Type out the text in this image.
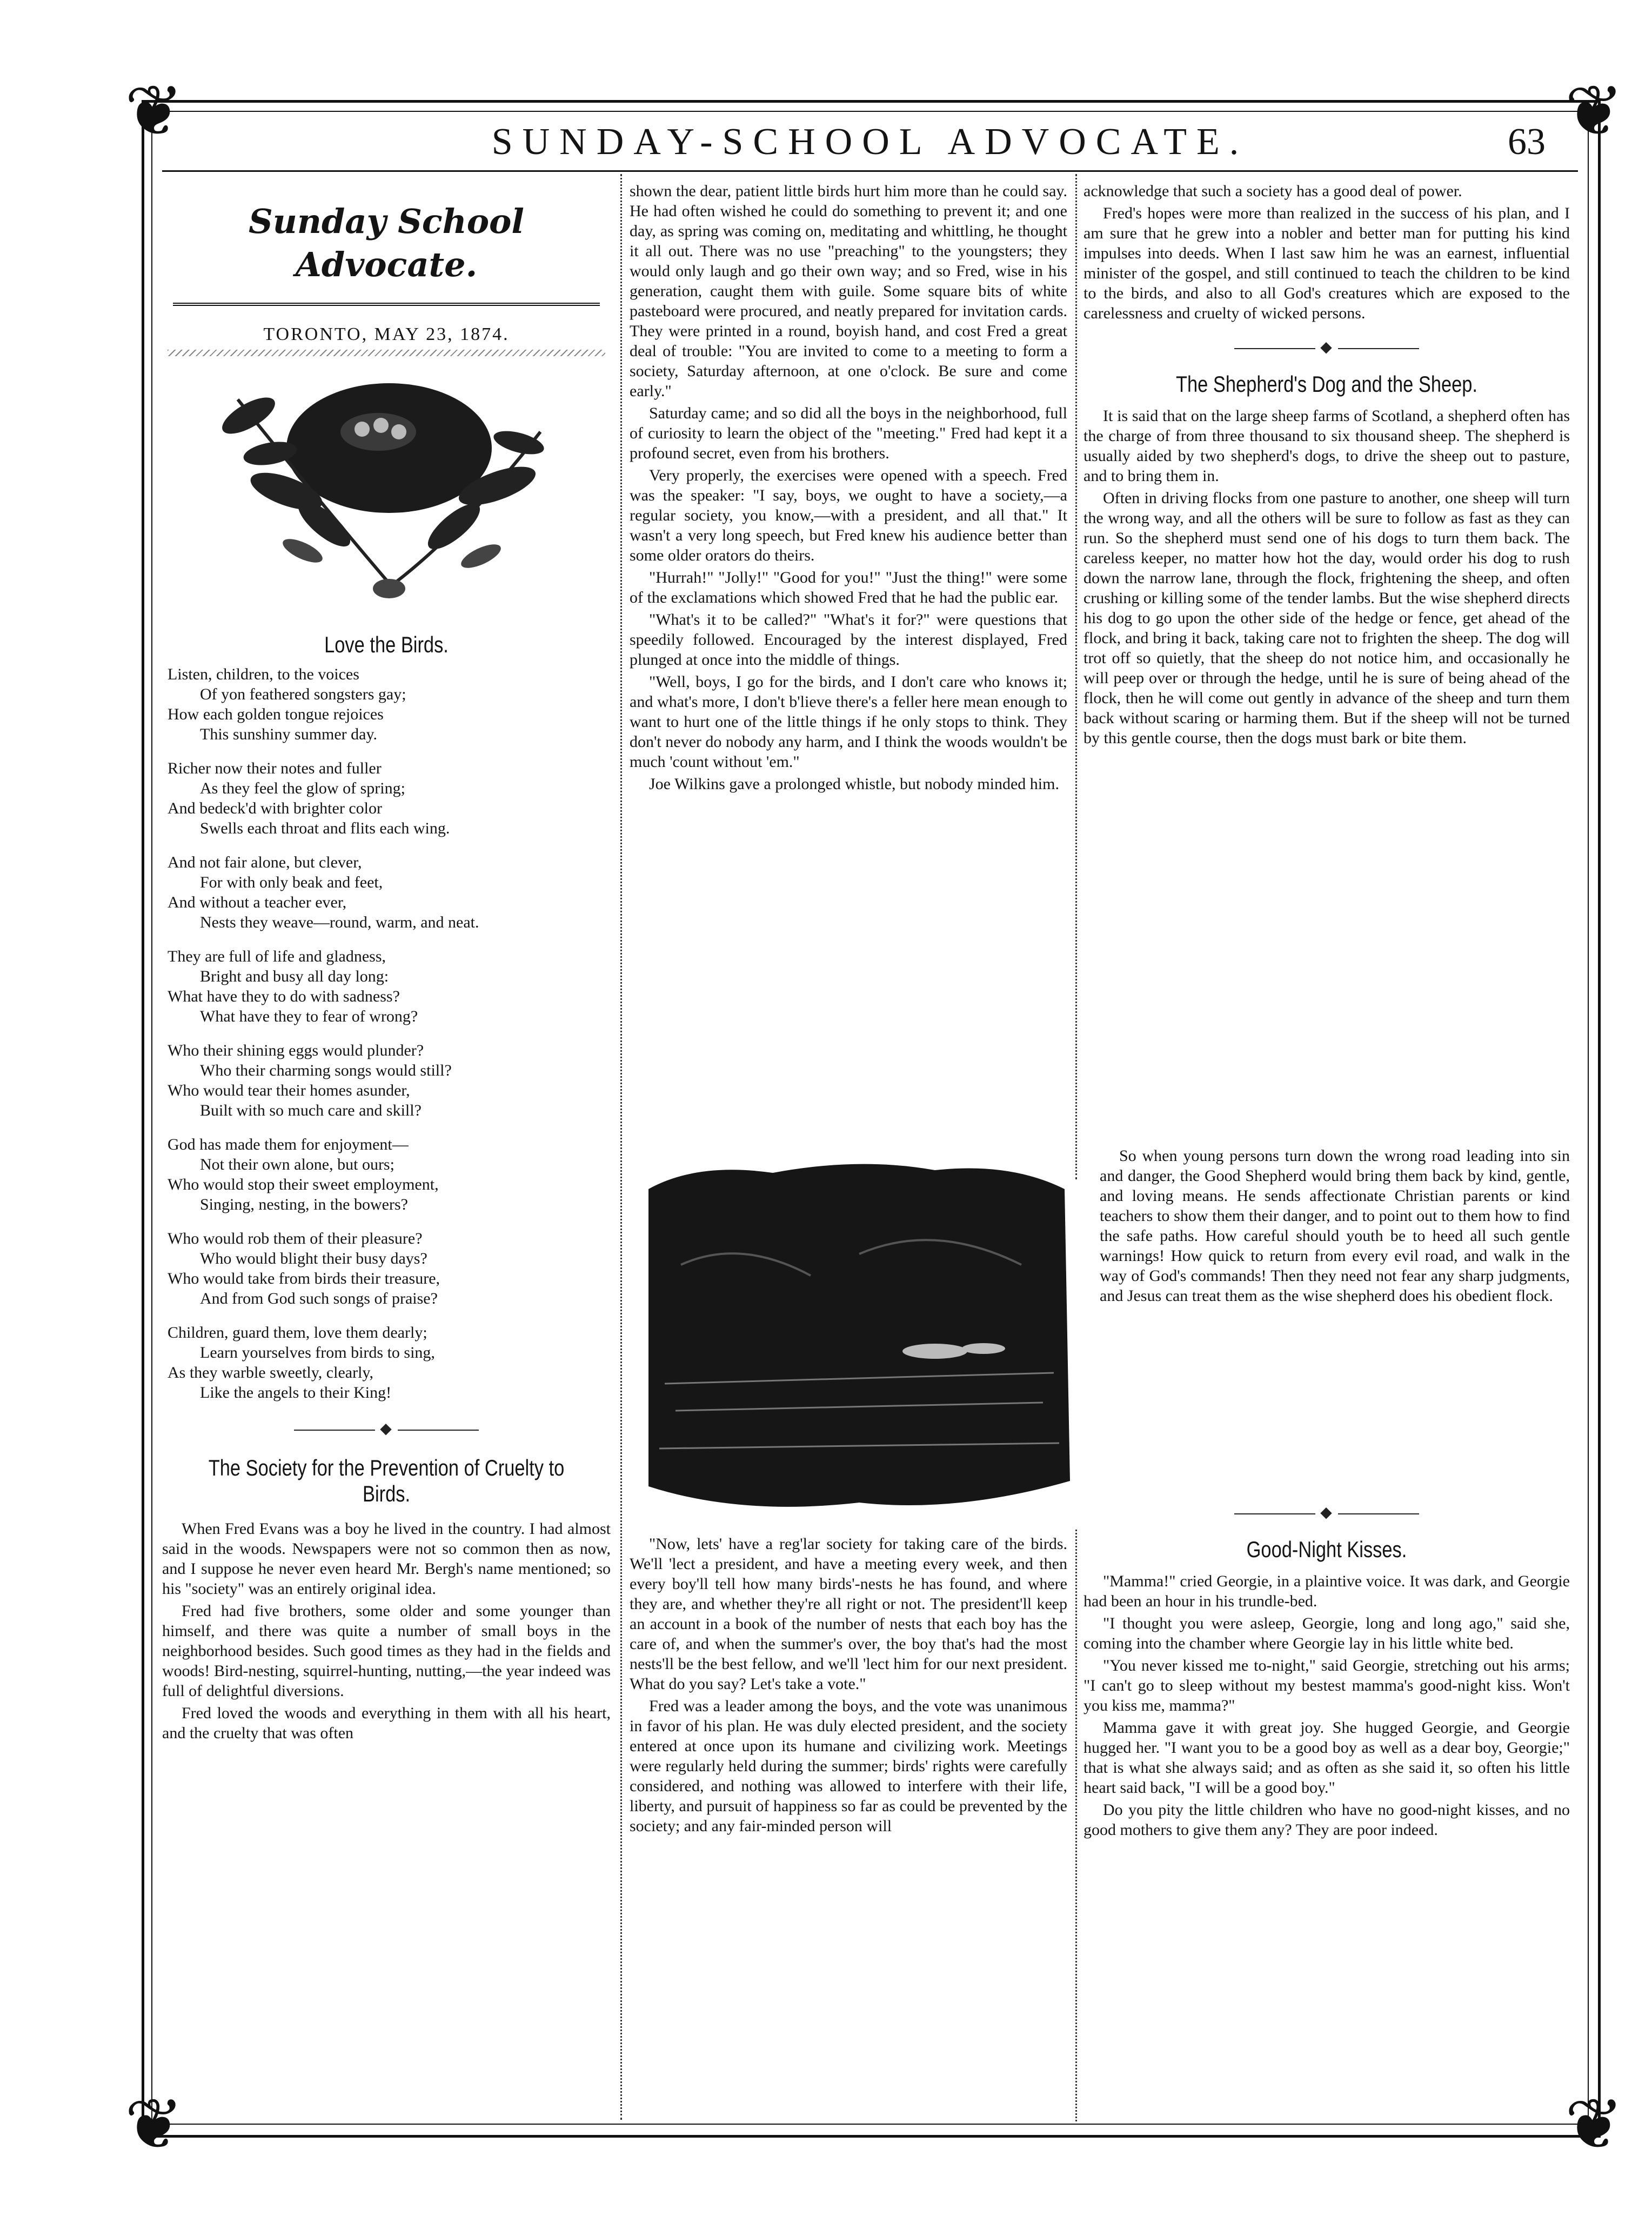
❦	❦
❦	❦
SUNDAY-SCHOOL ADVOCATE.	63
Sunday School Advocate.
TORONTO, MAY 23, 1874.
Love the Birds.
Listen, children, to the voices
Of yon feathered songsters gay;
How each golden tongue rejoices
This sunshiny summer day.
Richer now their notes and fuller
As they feel the glow of spring;
And bedeck'd with brighter color
Swells each throat and flits each wing.
And not fair alone, but clever,
For with only beak and feet,
And without a teacher ever,
Nests they weave—round, warm, and neat.
They are full of life and gladness,
Bright and busy all day long:
What have they to do with sadness?
What have they to fear of wrong?
Who their shining eggs would plunder?
Who their charming songs would still?
Who would tear their homes asunder,
Built with so much care and skill?
God has made them for enjoyment—
Not their own alone, but ours;
Who would stop their sweet employment,
Singing, nesting, in the bowers?
Who would rob them of their pleasure?
Who would blight their busy days?
Who would take from birds their treasure,
And from God such songs of praise?
Children, guard them, love them dearly;
Learn yourselves from birds to sing,
As they warble sweetly, clearly,
Like the angels to their King!
◆
The Society for the Prevention of Cruelty to Birds.

When Fred Evans was a boy he lived in the country. I had almost said in the woods. Newspapers were not so common then as now, and I suppose he never even heard Mr. Bergh's name mentioned; so his "society" was an entirely original idea.

Fred had five brothers, some older and some younger than himself, and there was quite a number of small boys in the neighborhood besides. Such good times as they had in the fields and woods! Bird-nesting, squirrel-hunting, nutting,—the year indeed was full of delightful diversions.

Fred loved the woods and everything in them with all his heart, and the cruelty that was often

shown the dear, patient little birds hurt him more than he could say. He had often wished he could do something to prevent it; and one day, as spring was coming on, meditating and whittling, he thought it all out. There was no use "preaching" to the youngsters; they would only laugh and go their own way; and so Fred, wise in his generation, caught them with guile. Some square bits of white pasteboard were procured, and neatly prepared for invitation cards. They were printed in a round, boyish hand, and cost Fred a great deal of trouble: "You are invited to come to a meeting to form a society, Saturday afternoon, at one o'clock. Be sure and come early."

Saturday came; and so did all the boys in the neighborhood, full of curiosity to learn the object of the "meeting." Fred had kept it a profound secret, even from his brothers.

Very properly, the exercises were opened with a speech. Fred was the speaker: "I say, boys, we ought to have a society,—a regular society, you know,—with a president, and all that." It wasn't a very long speech, but Fred knew his audience better than some older orators do theirs.

"Hurrah!" "Jolly!" "Good for you!" "Just the thing!" were some of the exclamations which showed Fred that he had the public ear.

"What's it to be called?" "What's it for?" were questions that speedily followed. Encouraged by the interest displayed, Fred plunged at once into the middle of things.

"Well, boys, I go for the birds, and I don't care who knows it; and what's more, I don't b'lieve there's a feller here mean enough to want to hurt one of the little things if he only stops to think. They don't never do nobody any harm, and I think the woods wouldn't be much 'count without 'em."

Joe Wilkins gave a prolonged whistle, but nobody minded him.

"Now, lets' have a reg'lar society for taking care of the birds. We'll 'lect a president, and have a meeting every week, and then every boy'll tell how many birds'-nests he has found, and where they are, and whether they're all right or not. The president'll keep an account in a book of the number of nests that each boy has the care of, and when the summer's over, the boy that's had the most nests'll be the best fellow, and we'll 'lect him for our next president. What do you say? Let's take a vote."

Fred was a leader among the boys, and the vote was unanimous in favor of his plan. He was duly elected president, and the society entered at once upon its humane and civilizing work. Meetings were regularly held during the summer; birds' rights were carefully considered, and nothing was allowed to interfere with their life, liberty, and pursuit of happiness so far as could be prevented by the society; and any fair-minded person will

acknowledge that such a society has a good deal of power.

Fred's hopes were more than realized in the success of his plan, and I am sure that he grew into a nobler and better man for putting his kind impulses into deeds. When I last saw him he was an earnest, influential minister of the gospel, and still continued to teach the children to be kind to the birds, and also to all God's creatures which are exposed to the carelessness and cruelty of wicked persons.

◆
The Shepherd's Dog and the Sheep.

It is said that on the large sheep farms of Scotland, a shepherd often has the charge of from three thousand to six thousand sheep. The shepherd is usually aided by two shepherd's dogs, to drive the sheep out to pasture, and to bring them in.

Often in driving flocks from one pasture to another, one sheep will turn the wrong way, and all the others will be sure to follow as fast as they can run. So the shepherd must send one of his dogs to turn them back. The careless keeper, no matter how hot the day, would order his dog to rush down the narrow lane, through the flock, frightening the sheep, and often crushing or killing some of the tender lambs. But the wise shepherd directs his dog to go upon the other side of the hedge or fence, get ahead of the flock, and bring it back, taking care not to frighten the sheep. The dog will trot off so quietly, that the sheep do not notice him, and occasionally he will peep over or through the hedge, until he is sure of being ahead of the flock, then he will come out gently in advance of the sheep and turn them back without scaring or harming them. But if the sheep will not be turned by this gentle course, then the dogs must bark or bite them.

So when young persons turn down the wrong road leading into sin and danger, the Good Shepherd would bring them back by kind, gentle, and loving means. He sends affectionate Christian parents or kind teachers to show them their danger, and to point out to them how to find the safe paths. How careful should youth be to heed all such gentle warnings! How quick to return from every evil road, and walk in the way of God's commands! Then they need not fear any sharp judgments, and Jesus can treat them as the wise shepherd does his obedient flock.

◆
Good-Night Kisses.

"Mamma!" cried Georgie, in a plaintive voice. It was dark, and Georgie had been an hour in his trundle-bed.

"I thought you were asleep, Georgie, long and long ago," said she, coming into the chamber where Georgie lay in his little white bed.

"You never kissed me to-night," said Georgie, stretching out his arms; "I can't go to sleep without my bestest mamma's good-night kiss. Won't you kiss me, mamma?"

Mamma gave it with great joy. She hugged Georgie, and Georgie hugged her. "I want you to be a good boy as well as a dear boy, Georgie;" that is what she always said; and as often as she said it, so often his little heart said back, "I will be a good boy."

Do you pity the little children who have no good-night kisses, and no good mothers to give them any? They are poor indeed.
